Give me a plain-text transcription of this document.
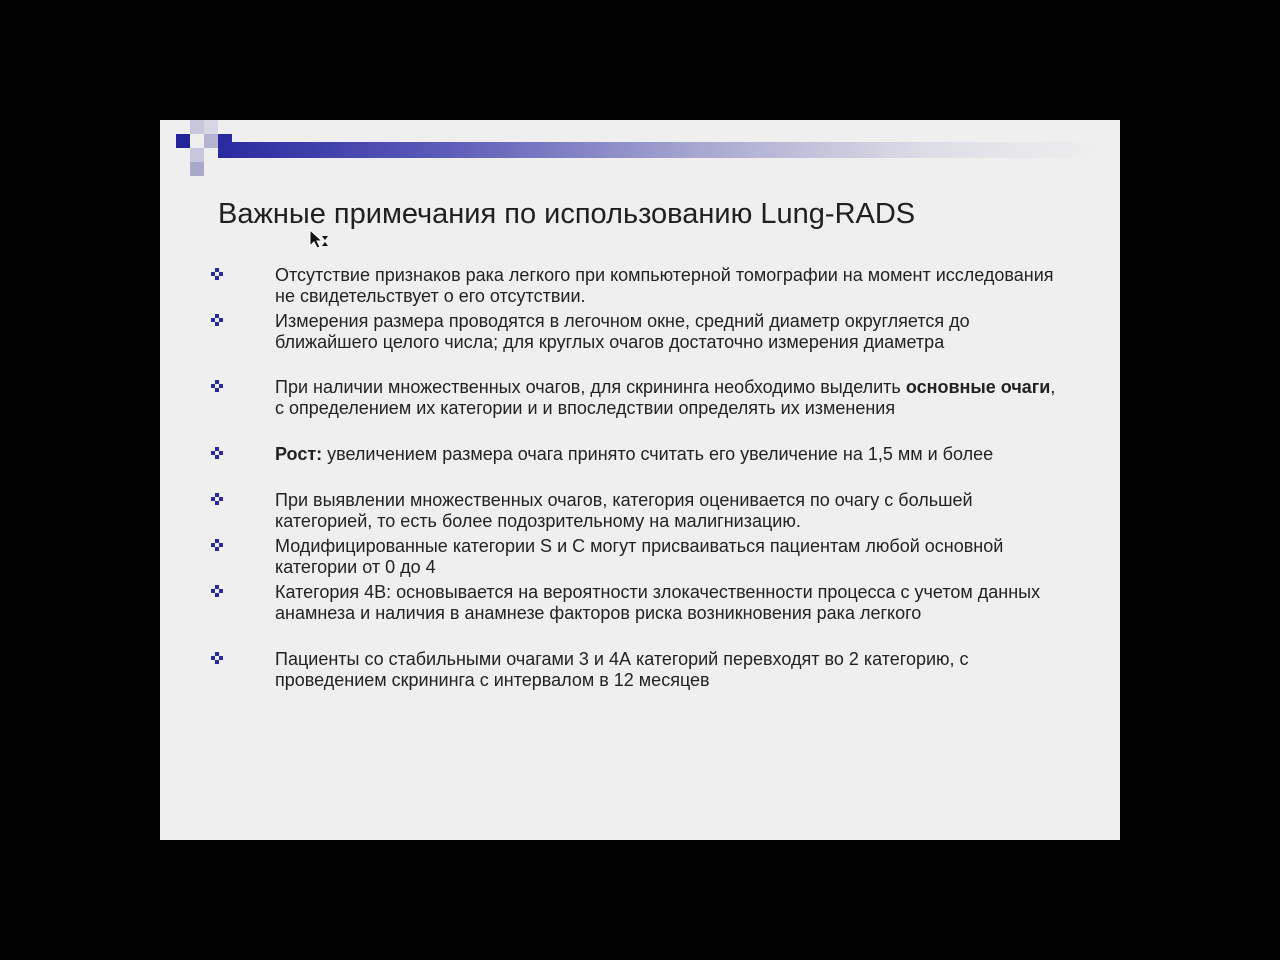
Важные примечания по использованию Lung-RADS

Отсутствие признаков рака легкого при компьютерной томографии на момент исследования не свидетельствует о его отсутствии.

Измерения размера проводятся в легочном окне, средний диаметр округляется до ближайшего целого числа; для круглых очагов достаточно измерения диаметра

При наличии множественных очагов, для скрининга необходимо выделить основные очаги, с определением их категории и и впоследствии определять их изменения

Рост: увеличением размера очага принято считать его увеличение на 1,5 мм и более

При выявлении множественных очагов, категория оценивается по очагу с большей категорией, то есть более подозрительному на малигнизацию.

Модифицированные категории S и C могут присваиваться пациентам любой основной категории от 0 до 4

Категория 4B: основывается на вероятности злокачественности процесса с учетом данных анамнеза и наличия в анамнезе факторов риска возникновения рака легкого

Пациенты со стабильными очагами 3 и 4А категорий перевходят во 2 категорию, с проведением скрининга с интервалом в 12 месяцев
